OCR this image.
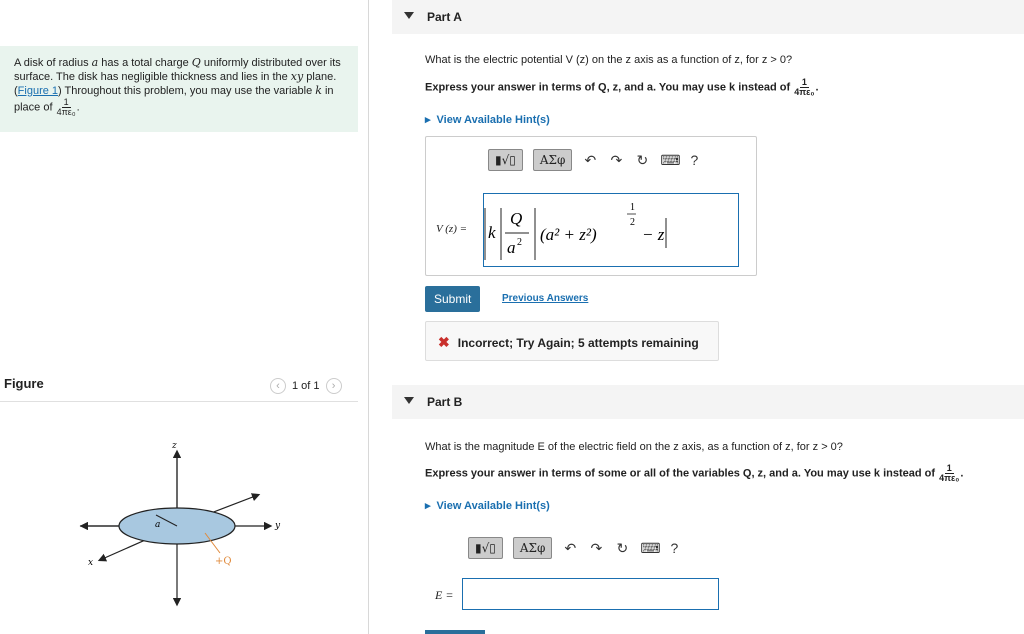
A disk of radius a has a total charge Q uniformly distributed over its surface. The disk has negligible thickness and lies in the xy plane. (Figure 1) Throughout this problem, you may use the variable k in place of $\frac{1}{\text{4πε₀}}$ .
Figure	‹	1 of 1	›
z
y
x
a
+Q
Part A
What is the electric potential V (z) on the z axis as a function of z, for z > 0?
Express your answer in terms of Q, z, and a. You may use k instead of $\frac{1}{\text{4πε₀}}$ .
▸ View Available Hint(s)
▮√▯	ΑΣφ	↶ ↷ ↻ ⌨ ?
V (z) = k
Q
a 2 (a² + z²)
1
2
− z
Submit	Previous Answers
✖ Incorrect; Try Again; 5 attempts remaining
Part B
What is the magnitude E of the electric field on the z axis, as a function of z, for z > 0?
Express your answer in terms of some or all of the variables Q, z, and a. You may use k instead of $\frac{1}{\text{4πε₀}}$ .
▸ View Available Hint(s)
▮√▯	ΑΣφ	↶ ↷ ↻ ⌨ ?
E =
